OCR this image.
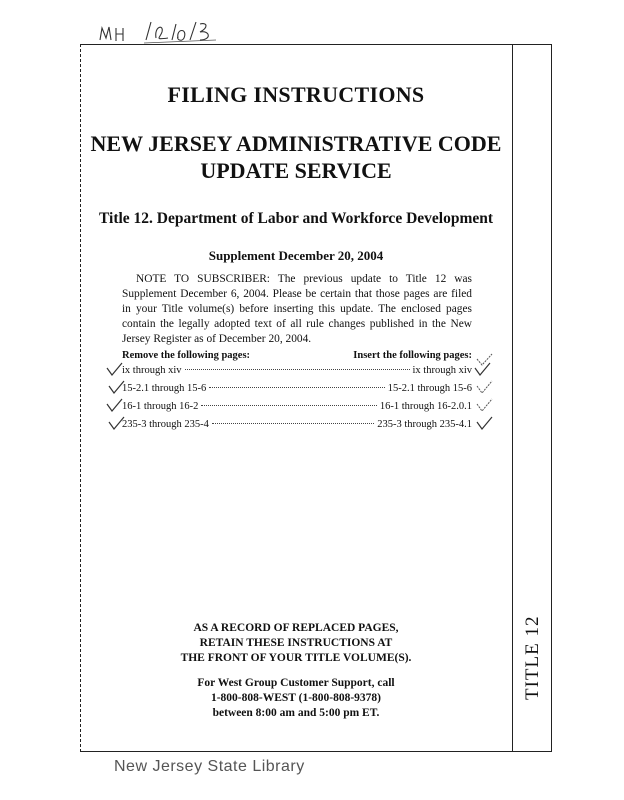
TITLE 12
FILING INSTRUCTIONS
NEW JERSEY ADMINISTRATIVE CODE
UPDATE SERVICE
Title 12. Department of Labor and Workforce Development
Supplement December 20, 2004
NOTE TO SUBSCRIBER: The previous update to Title 12 was Supplement December 6, 2004. Please be certain that those pages are filed in your Title volume(s) before inserting this update. The enclosed pages contain the legally adopted text of all rule changes published in the New Jersey Register as of December 20, 2004.
Remove the following pages:	Insert the following pages:
ix through xiv	ix through xiv
15-2.1 through 15-6	15-2.1 through 15-6
16-1 through 16-2	16-1 through 16-2.0.1
235-3 through 235-4	235-3 through 235-4.1
AS A RECORD OF REPLACED PAGES,
RETAIN THESE INSTRUCTIONS AT
THE FRONT OF YOUR TITLE VOLUME(S).
For West Group Customer Support, call
1-800-808-WEST (1-800-808-9378)
between 8:00 am and 5:00 pm ET.
New Jersey State Library
